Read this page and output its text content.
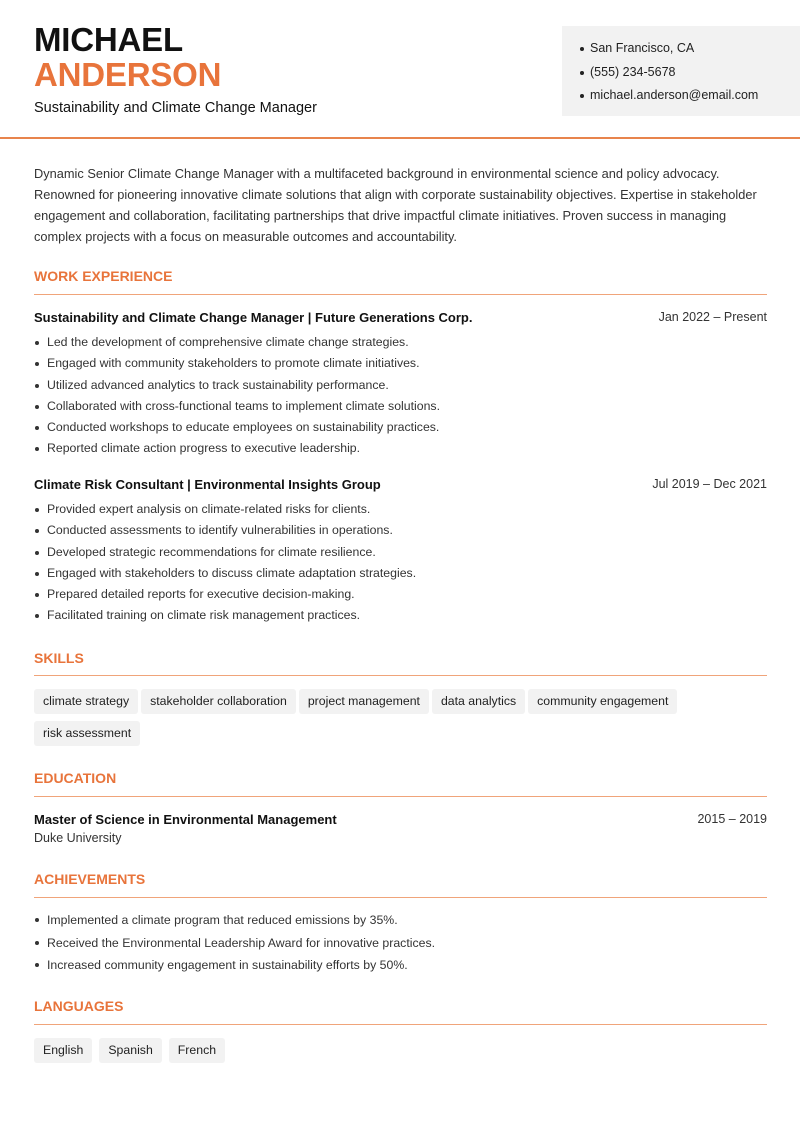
MICHAEL
ANDERSON
Sustainability and Climate Change Manager
San Francisco, CA
(555) 234-5678
michael.anderson@email.com
Dynamic Senior Climate Change Manager with a multifaceted background in environmental science and policy advocacy. Renowned for pioneering innovative climate solutions that align with corporate sustainability objectives. Expertise in stakeholder engagement and collaboration, facilitating partnerships that drive impactful climate initiatives. Proven success in managing complex projects with a focus on measurable outcomes and accountability.
WORK EXPERIENCE
Sustainability and Climate Change Manager | Future Generations Corp.	Jan 2022 – Present
Led the development of comprehensive climate change strategies.
Engaged with community stakeholders to promote climate initiatives.
Utilized advanced analytics to track sustainability performance.
Collaborated with cross-functional teams to implement climate solutions.
Conducted workshops to educate employees on sustainability practices.
Reported climate action progress to executive leadership.
Climate Risk Consultant | Environmental Insights Group	Jul 2019 – Dec 2021
Provided expert analysis on climate-related risks for clients.
Conducted assessments to identify vulnerabilities in operations.
Developed strategic recommendations for climate resilience.
Engaged with stakeholders to discuss climate adaptation strategies.
Prepared detailed reports for executive decision-making.
Facilitated training on climate risk management practices.
SKILLS
climate strategy stakeholder collaboration project management data analytics community engagementrisk assessment
EDUCATION
Master of Science in Environmental Management	2015 – 2019
Duke University
ACHIEVEMENTS
Implemented a climate program that reduced emissions by 35%.
Received the Environmental Leadership Award for innovative practices.
Increased community engagement in sustainability efforts by 50%.
LANGUAGES
English Spanish French
